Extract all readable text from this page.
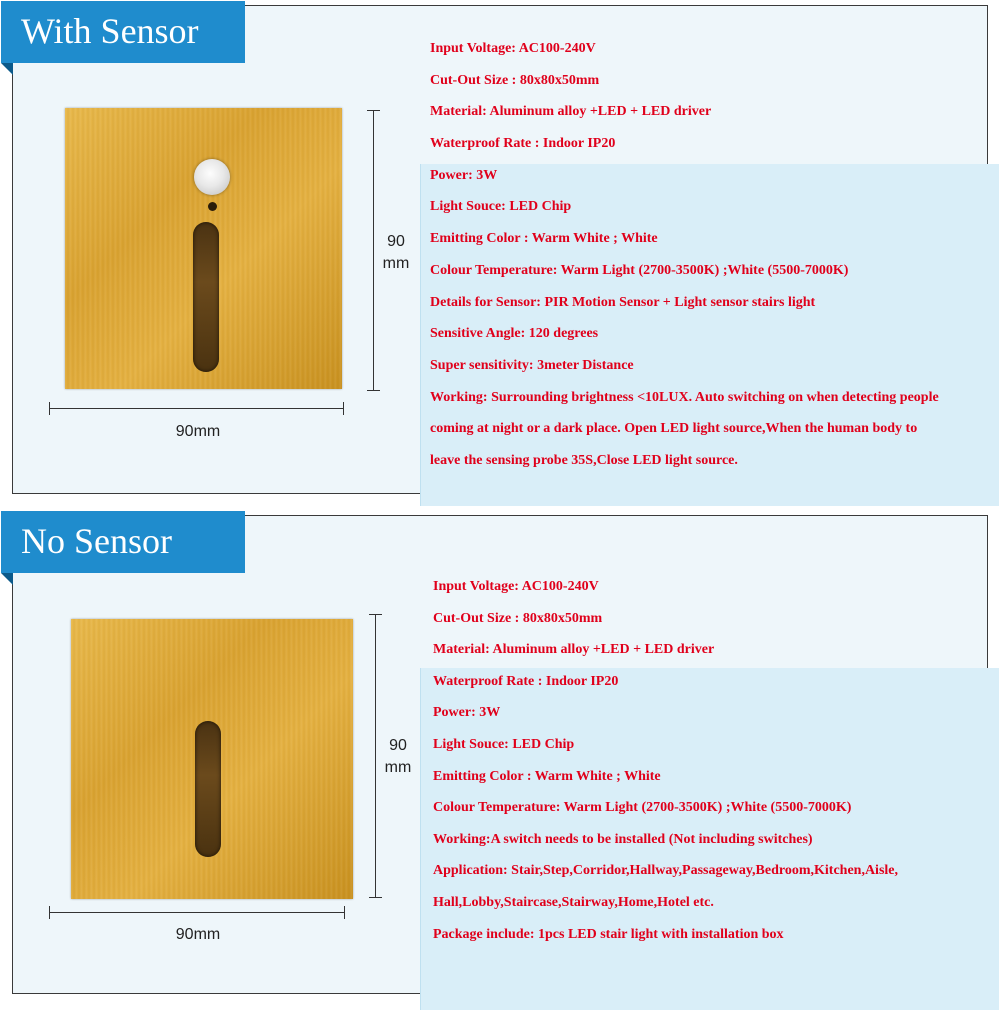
With Sensor
90
mm
90mm
Input Voltage: AC100-240V
Cut-Out Size : 80x80x50mm
Material: Aluminum alloy +LED + LED driver
Waterproof Rate : Indoor IP20
Power: 3W
Light Souce: LED Chip
Emitting Color : Warm White ; White
Colour Temperature: Warm Light (2700-3500K) ;White (5500-7000K)
Details for Sensor: PIR Motion Sensor + Light sensor stairs light
Sensitive Angle: 120 degrees
Super sensitivity: 3meter Distance
Working: Surrounding brightness <10LUX. Auto switching on when detecting people
coming at night or a dark place. Open LED light source,When the human body to
leave the sensing probe 35S,Close LED light source.
No Sensor
90
mm
90mm
Input Voltage: AC100-240V
Cut-Out Size : 80x80x50mm
Material: Aluminum alloy +LED + LED driver
Waterproof Rate : Indoor IP20
Power: 3W
Light Souce: LED Chip
Emitting Color : Warm White ; White
Colour Temperature: Warm Light (2700-3500K) ;White (5500-7000K)
Working:A switch needs to be installed (Not including switches)
Application: Stair,Step,Corridor,Hallway,Passageway,Bedroom,Kitchen,Aisle,
Hall,Lobby,Staircase,Stairway,Home,Hotel etc.
Package include: 1pcs LED stair light with installation box
